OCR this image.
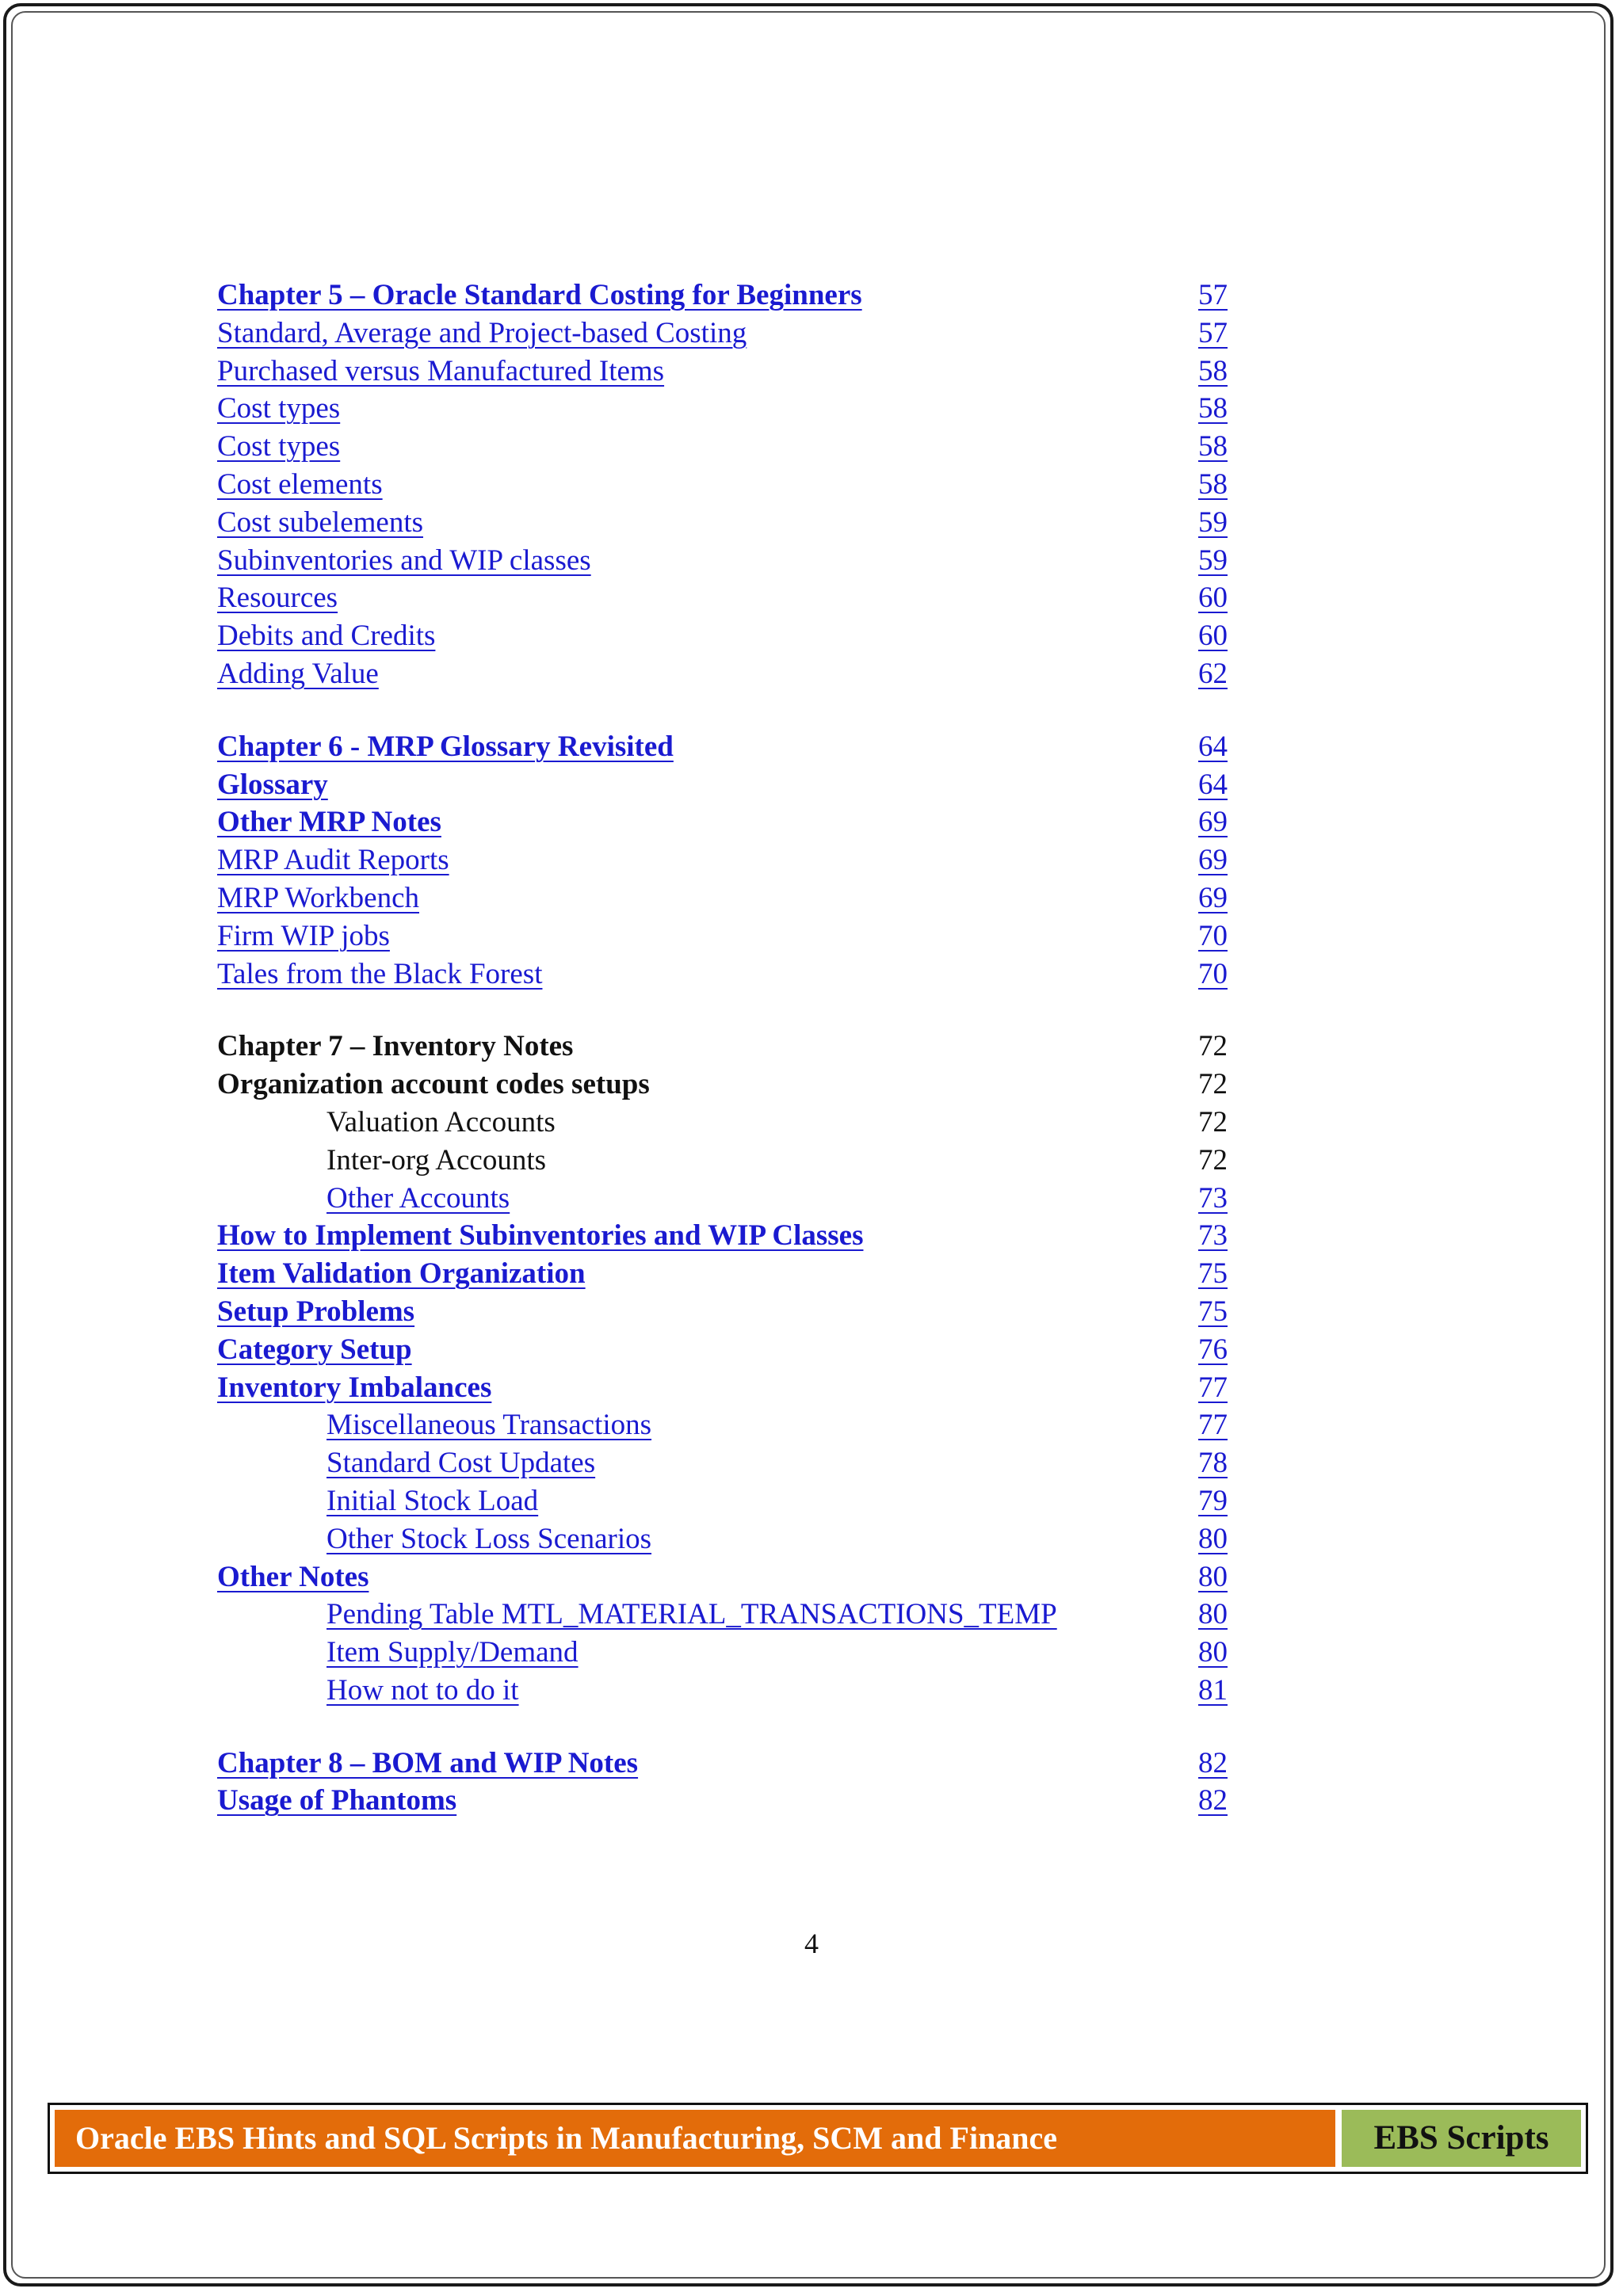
Chapter 5 – Oracle Standard Costing for Beginners	57
Standard, Average and Project-based Costing	57
Purchased versus Manufactured Items	58
Cost types	58
Cost types	58
Cost elements	58
Cost subelements	59
Subinventories and WIP classes	59
Resources	60
Debits and Credits	60
Adding Value	62
Chapter 6 - MRP Glossary Revisited	64
Glossary	64
Other MRP Notes	69
MRP Audit Reports	69
MRP Workbench	69
Firm WIP jobs	70
Tales from the Black Forest	70
Chapter 7 – Inventory Notes	72
Organization account codes setups	72
Valuation Accounts	72
Inter-org Accounts	72
Other Accounts	73
How to Implement Subinventories and WIP Classes	73
Item Validation Organization	75
Setup Problems	75
Category Setup	76
Inventory Imbalances	77
Miscellaneous Transactions	77
Standard Cost Updates	78
Initial Stock Load	79
Other Stock Loss Scenarios	80
Other Notes	80
Pending Table MTL_MATERIAL_TRANSACTIONS_TEMP	80
Item Supply/Demand	80
How not to do it	81
Chapter 8 – BOM and WIP Notes	82
Usage of Phantoms	82
4
Oracle EBS Hints and SQL Scripts in Manufacturing, SCM and Finance	EBS Scripts
